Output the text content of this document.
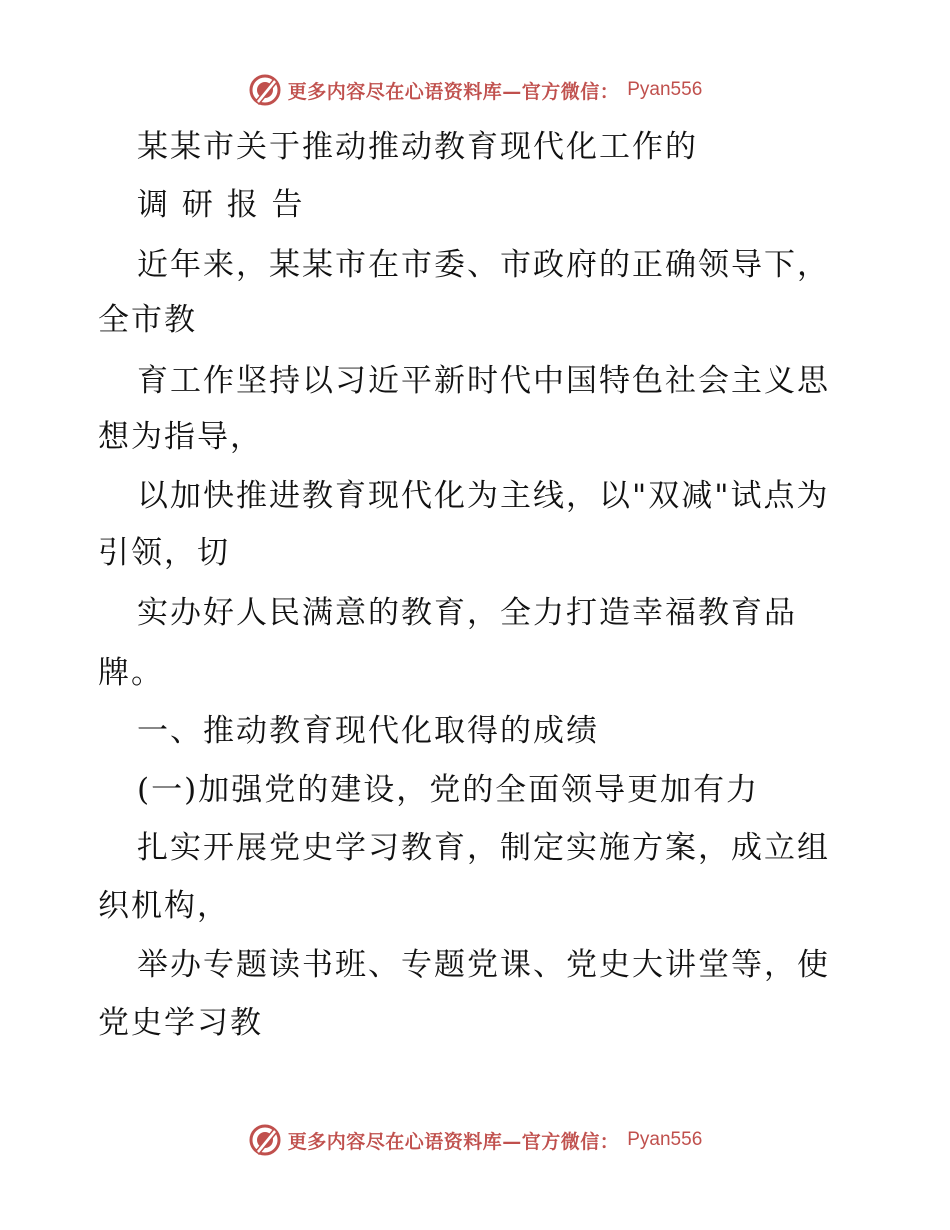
更多内容尽在心语资料库—官方微信： Pyan556
某某市关于推动推动教育现代化工作的
调 研 报 告
近年来，某某市在市委、市政府的正确领导下，
全市教
育工作坚持以习近平新时代中国特色社会主义思
想为指导，
以加快推进教育现代化为主线，以"双减"试点为
引领，切
实办好人民满意的教育，全力打造幸福教育品
牌。
一、推动教育现代化取得的成绩
(一)加强党的建设，党的全面领导更加有力
扎实开展党史学习教育，制定实施方案，成立组
织机构，
举办专题读书班、专题党课、党史大讲堂等，使
党史学习教
更多内容尽在心语资料库—官方微信： Pyan556
